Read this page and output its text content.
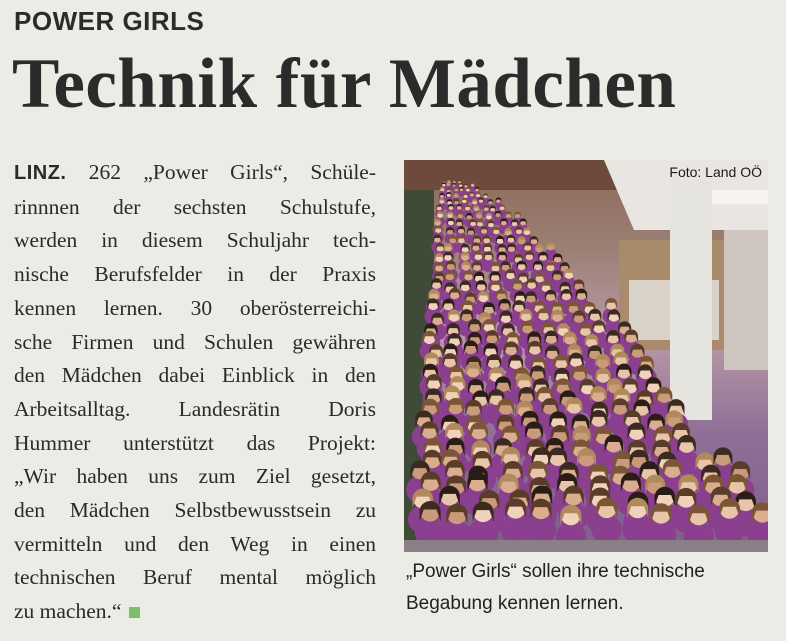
POWER GIRLS
Technik für Mädchen
LINZ. 262 „Power Girls“, Schüle-
rinnnen der sechsten Schulstufe,
werden in diesem Schuljahr tech-
nische Berufsfelder in der Praxis
kennen lernen. 30 oberösterreichi-
sche Firmen und Schulen gewähren
den Mädchen dabei Einblick in den
Arbeitsalltag. Landesrätin Doris
Hummer unterstützt das Projekt:
„Wir haben uns zum Ziel gesetzt,
den Mädchen Selbstbewusstsein zu
vermitteln und den Weg in einen
technischen Beruf mental möglich
zu machen.“
Foto: Land OÖ
„Power Girls“ sollen ihre technische
Begabung kennen lernen.
